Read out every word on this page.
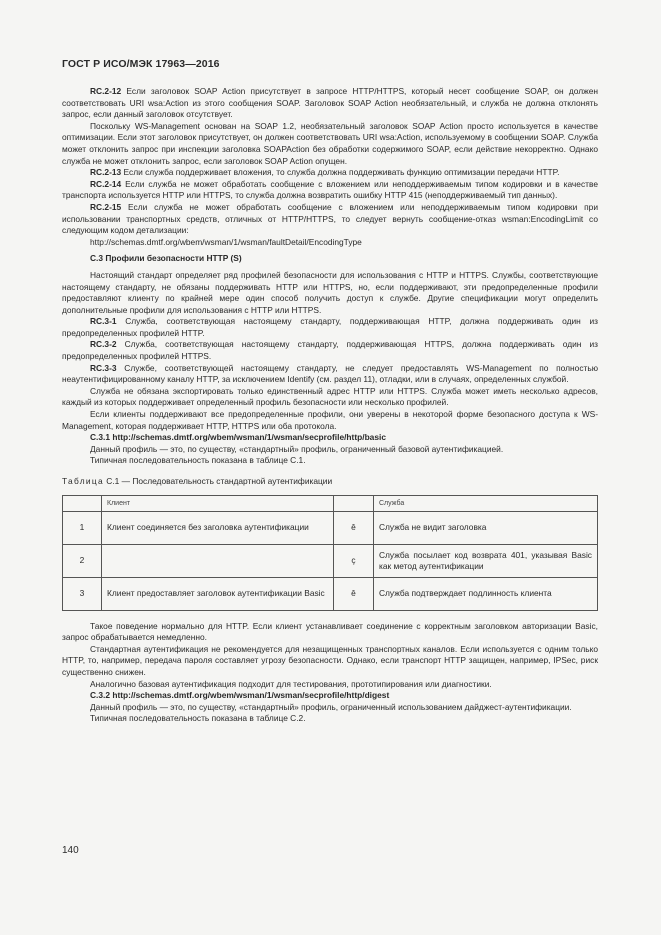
ГОСТ Р ИСО/МЭК 17963—2016

RC.2-12 Если заголовок SOAP Action присутствует в запросе HTTP/HTTPS, который несет сообщение SOAP, он должен соответствовать URI wsa:Action из этого сообщения SOAP. Заголовок SOAP Action необязательный, и служба не должна отклонять запрос, если данный заголовок отсутствует.

Поскольку WS-Management основан на SOAP 1.2, необязательный заголовок SOAP Action просто используется в качестве оптимизации. Если этот заголовок присутствует, он должен соответствовать URI wsa:Action, используемому в сообщении SOAP. Служба может отклонить запрос при инспекции заголовка SOAPAction без обработки содержимого SOAP, если действие некорректно. Однако служба не может отклонить запрос, если заголовок SOAP Action опущен.

RC.2-13 Если служба поддерживает вложения, то служба должна поддерживать функцию оптимизации передачи HTTP.

RC.2-14 Если служба не может обработать сообщение с вложением или неподдерживаемым типом кодировки и в качестве транспорта используется HTTP или HTTPS, то служба должна возвратить ошибку HTTP 415 (неподдерживаемый тип данных).

RC.2-15 Если служба не может обработать сообщение с вложением или неподдерживаемым типом кодировки при использовании транспортных средств, отличных от HTTP/HTTPS, то следует вернуть сообщение-отказ wsman:EncodingLimit со следующим кодом детализации:

http://schemas.dmtf.org/wbem/wsman/1/wsman/faultDetail/EncodingType

С.3 Профили безопасности HTTP (S)

Настоящий стандарт определяет ряд профилей безопасности для использования с HTTP и HTTPS. Службы, соответствующие настоящему стандарту, не обязаны поддерживать HTTP или HTTPS, но, если поддерживают, эти предопределенные профили предоставляют клиенту по крайней мере один способ получить доступ к службе. Другие спецификации могут определить дополнительные профили для использования с HTTP или HTTPS.

RC.3-1 Служба, соответствующая настоящему стандарту, поддерживающая HTTP, должна поддерживать один из предопределенных профилей HTTP.

RC.3-2 Служба, соответствующая настоящему стандарту, поддерживающая HTTPS, должна поддерживать один из предопределенных профилей HTTPS.

RC.3-3 Службе, соответствующей настоящему стандарту, не следует предоставлять WS-Management по полностью неаутентифицированному каналу HTTP, за исключением Identify (см. раздел 11), отладки, или в случаях, определенных службой.

Служба не обязана экспортировать только единственный адрес HTTP или HTTPS. Служба может иметь несколько адресов, каждый из которых поддерживает определенный профиль безопасности или несколько профилей.

Если клиенты поддерживают все предопределенные профили, они уверены в некоторой форме безопасного доступа к WS-Management, которая поддерживает HTTP, HTTPS или оба протокола.

С.3.1 http://schemas.dmtf.org/wbem/wsman/1/wsman/secprofile/http/basic

Данный профиль — это, по существу, «стандартный» профиль, ограниченный базовой аутентификацией.

Типичная последовательность показана в таблице С.1.

Таблица С.1 — Последовательность стандартной аутентификации

	Клиент		Служба
1	Клиент соединяется без заголовка аутентификации	ê	Служба не видит заголовка
2		ç	Служба посылает код возврата 401, указывая Basic как метод аутентификации
3	Клиент предоставляет заголовок аутентификации Basic	ê	Служба подтверждает подлинность клиента

Такое поведение нормально для HTTP. Если клиент устанавливает соединение с корректным заголовком авторизации Basic, запрос обрабатывается немедленно.

Стандартная аутентификация не рекомендуется для незащищенных транспортных каналов. Если используется с одним только HTTP, то, например, передача пароля составляет угрозу безопасности. Однако, если транспорт HTTP защищен, например, IPSec, риск существенно снижен.

Аналогично базовая аутентификация подходит для тестирования, прототипирования или диагностики.

С.3.2 http://schemas.dmtf.org/wbem/wsman/1/wsman/secprofile/http/digest

Данный профиль — это, по существу, «стандартный» профиль, ограниченный использованием дайджест-аутентификации.

Типичная последовательность показана в таблице С.2.

140
